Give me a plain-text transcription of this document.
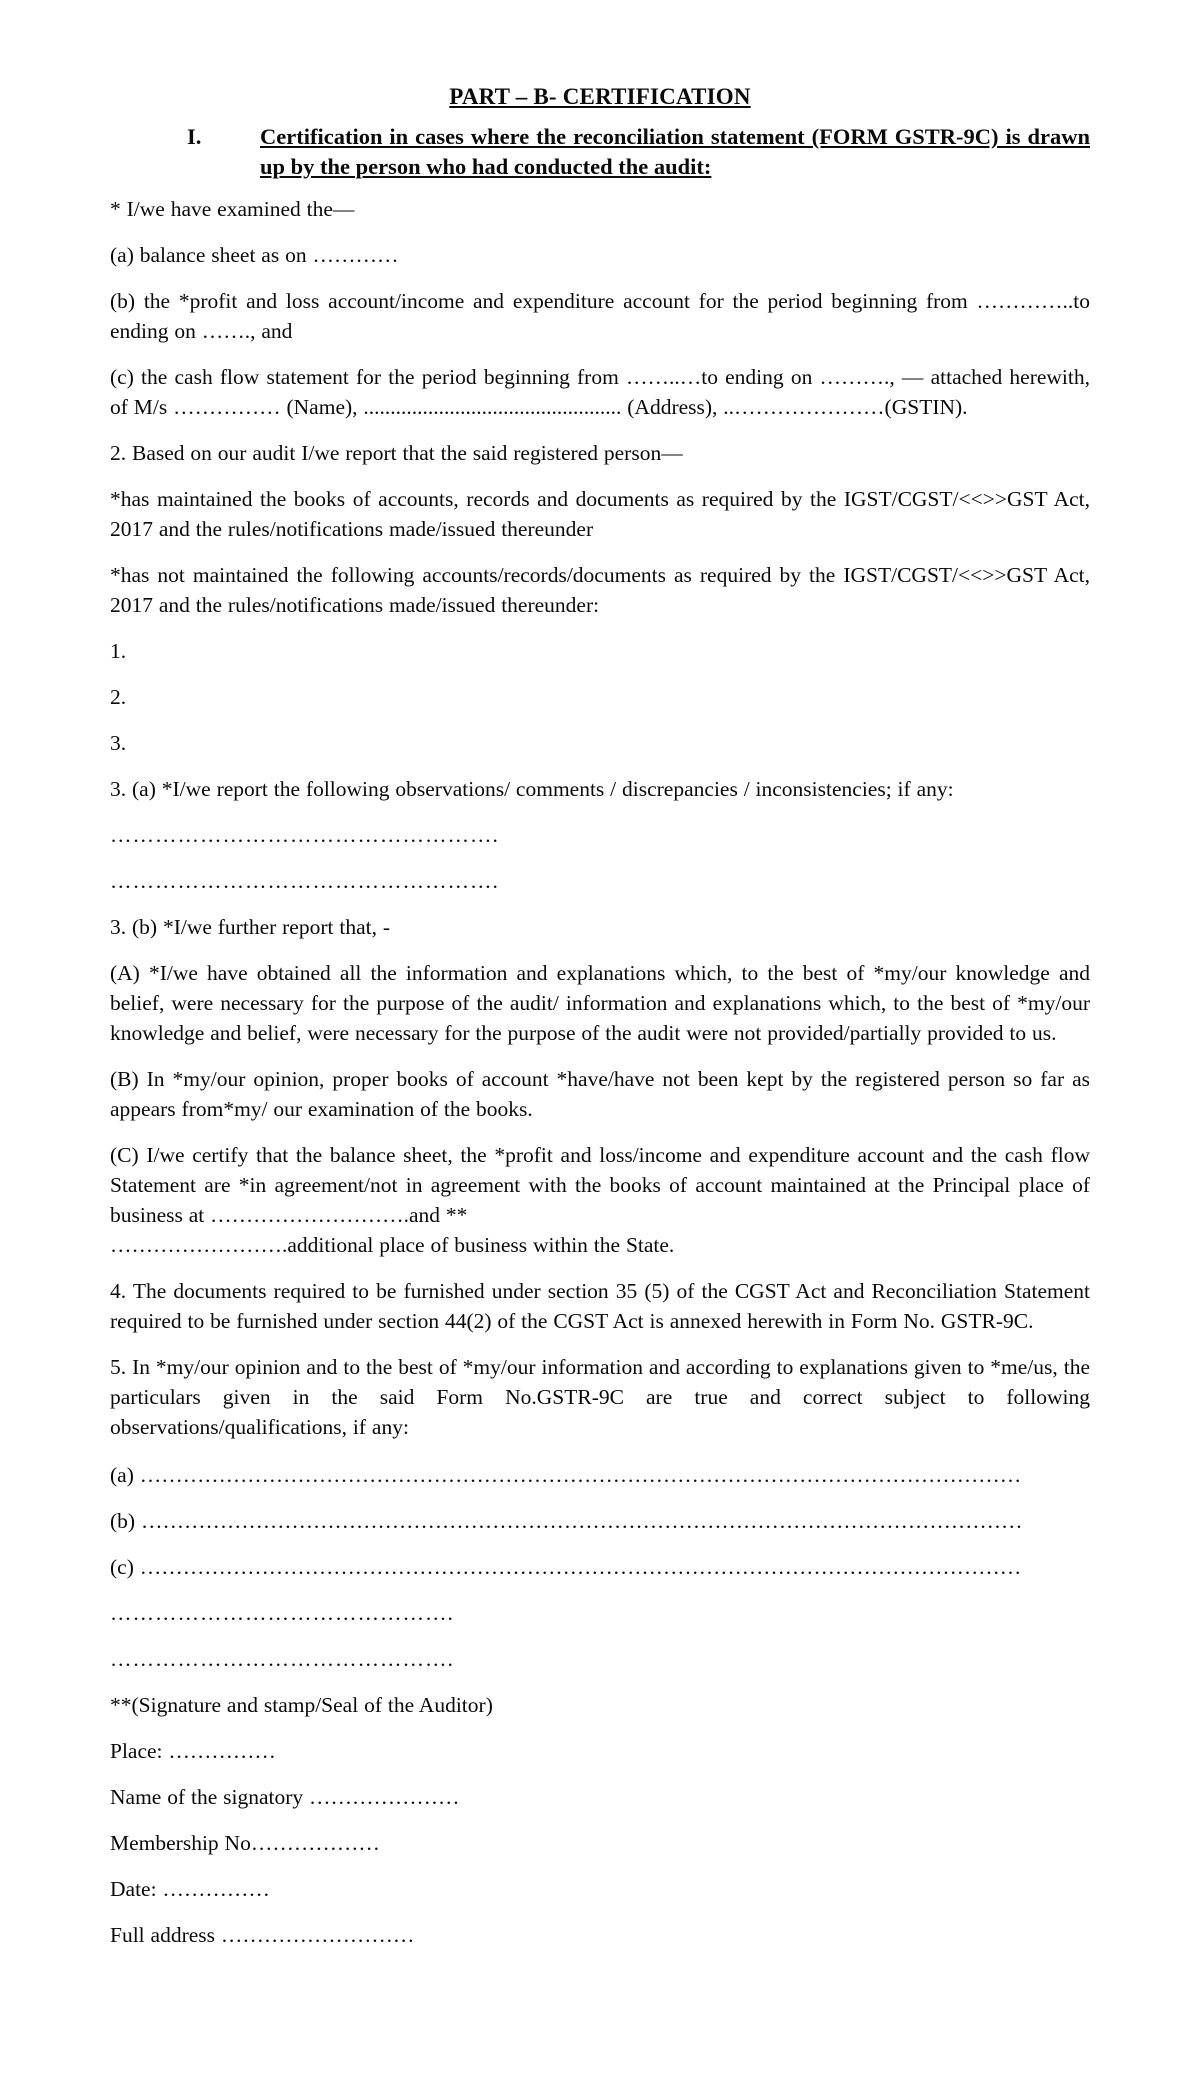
PART – B- CERTIFICATION
I.	Certification in cases where the reconciliation statement (FORM GSTR-9C) is drawn up by the person who had conducted the audit:

* I/we have examined the—

(a) balance sheet as on …………

(b) the *profit and loss account/income and expenditure account for the period beginning from …………..to ending on ……., and

(c) the cash flow statement for the period beginning from ……..…to ending on ………., — attached herewith, of M/s …………… (Name), ................................................ (Address), ..…………………(GSTIN).

2. Based on our audit I/we report that the said registered person—

*has maintained the books of accounts, records and documents as required by the IGST/CGST/<<>>GST Act, 2017 and the rules/notifications made/issued thereunder

*has not maintained the following accounts/records/documents as required by the IGST/CGST/<<>>GST Act, 2017 and the rules/notifications made/issued thereunder:

1.

2.

3.

3. (a) *I/we report the following observations/ comments / discrepancies / inconsistencies; if any:

…………………………………………….

…………………………………………….

3. (b) *I/we further report that, -

(A) *I/we have obtained all the information and explanations which, to the best of *my/our knowledge and belief, were necessary for the purpose of the audit/ information and explanations which, to the best of *my/our knowledge and belief, were necessary for the purpose of the audit were not provided/partially provided to us.

(B) In *my/our opinion, proper books of account *have/have not been kept by the registered person so far as appears from*my/ our examination of the books.

(C) I/we certify that the balance sheet, the *profit and loss/income and expenditure account and the cash flow Statement are *in agreement/not in agreement with the books of account maintained at the Principal place of business at ……………………….and **
…………………….additional place of business within the State.

4. The documents required to be furnished under section 35 (5) of the CGST Act and Reconciliation Statement required to be furnished under section 44(2) of the CGST Act is annexed herewith in Form No. GSTR-9C.

5. In *my/our opinion and to the best of *my/our information and according to explanations given to *me/us, the particulars given in the said Form No.GSTR-9C are true and correct subject to following observations/qualifications, if any:

(a) ……………………………………………………………………………………………………………

(b) ……………………………………………………………………………………………………………

(c) ……………………………………………………………………………………………………………

……………………………………….

……………………………………….

**(Signature and stamp/Seal of the Auditor)

Place: ……………

Name of the signatory …………………

Membership No………………

Date: ……………

Full address ………………………
